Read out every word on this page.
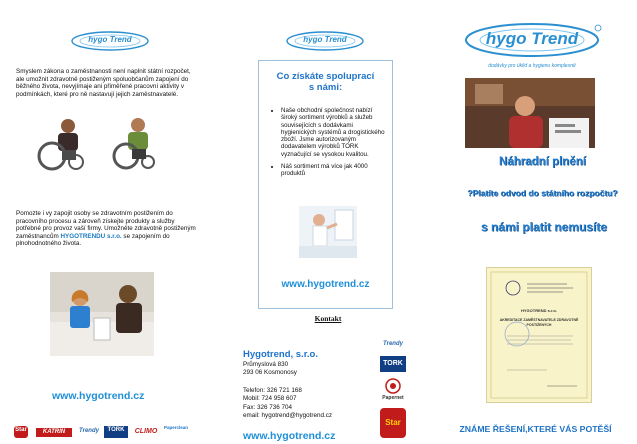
hygo Trend
Smyslem zákona o zaměstnanosti není naplnit státní rozpočet, ale umožnit zdravotně postiženým spoluobčanům zapojení do běžného života, nevyjímaje ani přiměřené pracovní aktivity v podmínkách, které pro ně nastavují jejich zaměstnavatelé.
Pomozte i vy zapojit osoby se zdravotním postižením do pracovního procesu a zároveň získejte produkty a služby potřebné pro provoz vaší firmy. Umožněte zdravotně postiženým zaměstnancům HYGOTRENDU s.r.o. se zapojením do plnohodnotného života.
www.hygotrend.cz
Star	KATRIN	Trendy	TORK	CLIMO
Paperclean
hygo Trend
Co získáte spoluprací s námi:
• Naše obchodní společnost nabízí široký sortiment výrobků a služeb souvisejících s dodávkami hygienických systémů a drogistického zboží. Jsme autorizovaným dodavatelem výrobků TORK vyznačující se vysokou kvalitou.
• Náš sortiment má více jak 4000 produktů
www.hygotrend.cz
Kontakt
Hygotrend, s.r.o.
Průmyslová 830
293 06 Kosmonosy
Telefon: 326 721 168
Mobil: 724 958 607
Fax: 326 736 704
email: hygotrend@hygotrend.cz
www.hygotrend.cz
Trendy
TORK
Papernet
Star
hygo Trend
dodávky pro úklid a hygienu komplexně
Náhradní plnění
?Platíte odvod do státního rozpočtu?
s námi platit nemusíte
HYGOTREND s.r.o.
AKREDITACE ZAMĚSTNAVATELE ZDRAVOTNĚ POSTIŽENÝCH
ZNÁME ŘEŠENÍ,KTERÉ VÁS POTĚŠÍ
